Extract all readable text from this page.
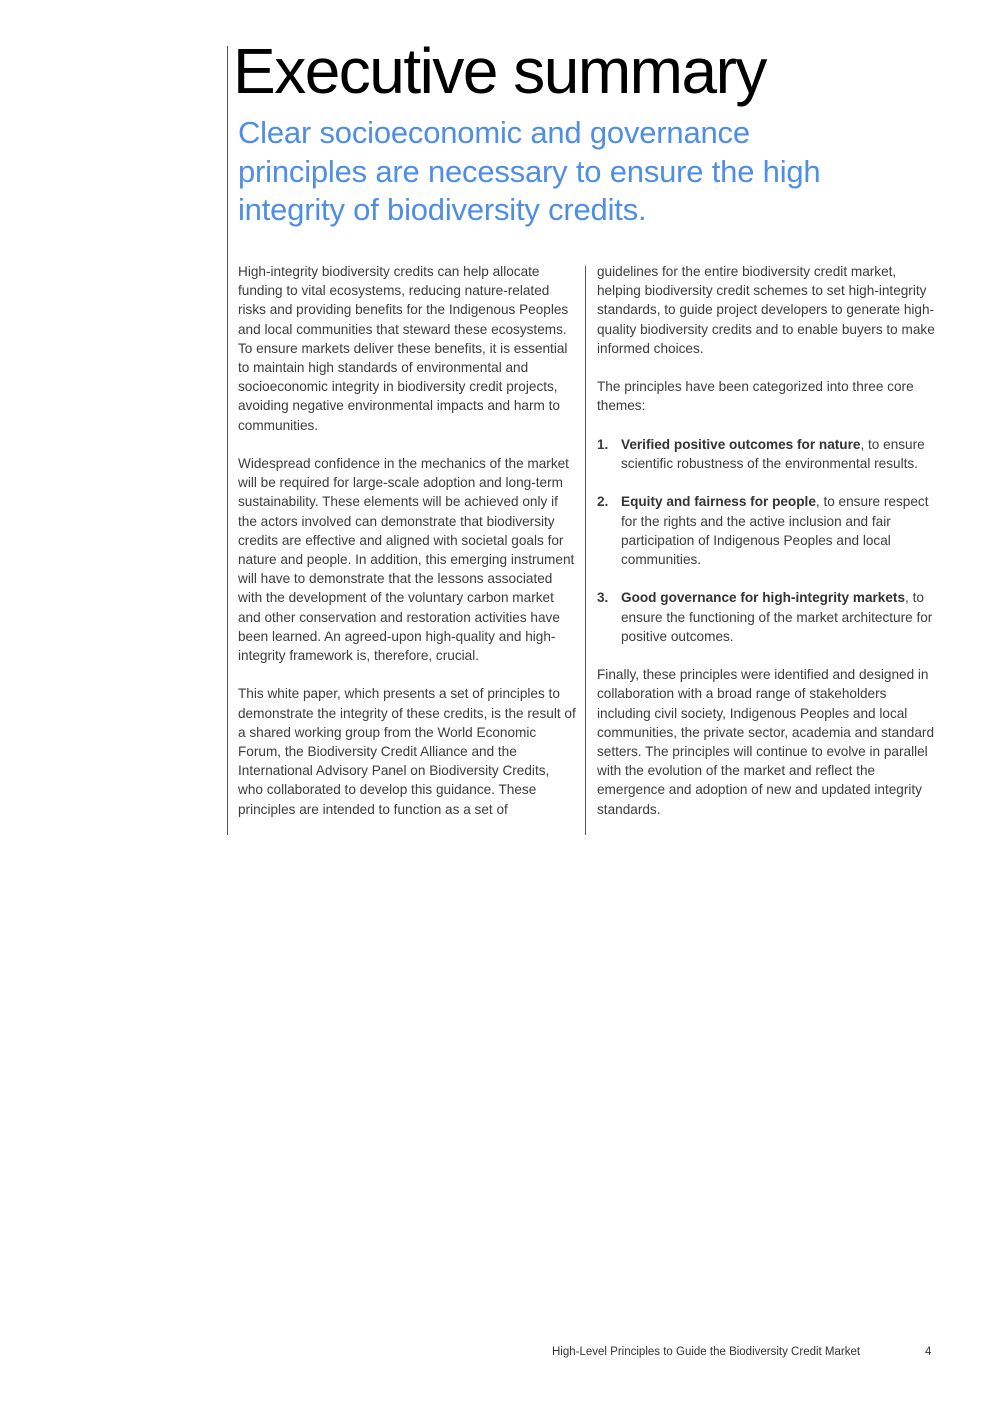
Executive summary
Clear socioeconomic and governance principles are necessary to ensure the high integrity of biodiversity credits.

High-integrity biodiversity credits can help allocate funding to vital ecosystems, reducing nature-related risks and providing benefits for the Indigenous Peoples and local communities that steward these ecosystems. To ensure markets deliver these benefits, it is essential to maintain high standards of environmental and socioeconomic integrity in biodiversity credit projects, avoiding negative environmental impacts and harm to communities.

Widespread confidence in the mechanics of the market will be required for large-scale adoption and long-term sustainability. These elements will be achieved only if the actors involved can demonstrate that biodiversity credits are effective and aligned with societal goals for nature and people. In addition, this emerging instrument will have to demonstrate that the lessons associated with the development of the voluntary carbon market and other conservation and restoration activities have been learned. An agreed-upon high-quality and high-integrity framework is, therefore, crucial.

This white paper, which presents a set of principles to demonstrate the integrity of these credits, is the result of a shared working group from the World Economic Forum, the Biodiversity Credit Alliance and the International Advisory Panel on Biodiversity Credits, who collaborated to develop this guidance. These principles are intended to function as a set of

guidelines for the entire biodiversity credit market, helping biodiversity credit schemes to set high-integrity standards, to guide project developers to generate high-quality biodiversity credits and to enable buyers to make informed choices.

The principles have been categorized into three core themes:

1. Verified positive outcomes for nature, to ensure scientific robustness of the environmental results.
2. Equity and fairness for people, to ensure respect for the rights and the active inclusion and fair participation of Indigenous Peoples and local communities.
3. Good governance for high-integrity markets, to ensure the functioning of the market architecture for positive outcomes.

Finally, these principles were identified and designed in collaboration with a broad range of stakeholders including civil society, Indigenous Peoples and local communities, the private sector, academia and standard setters. The principles will continue to evolve in parallel with the evolution of the market and reflect the emergence and adoption of new and updated integrity standards.

High-Level Principles to Guide the Biodiversity Credit Market	4
